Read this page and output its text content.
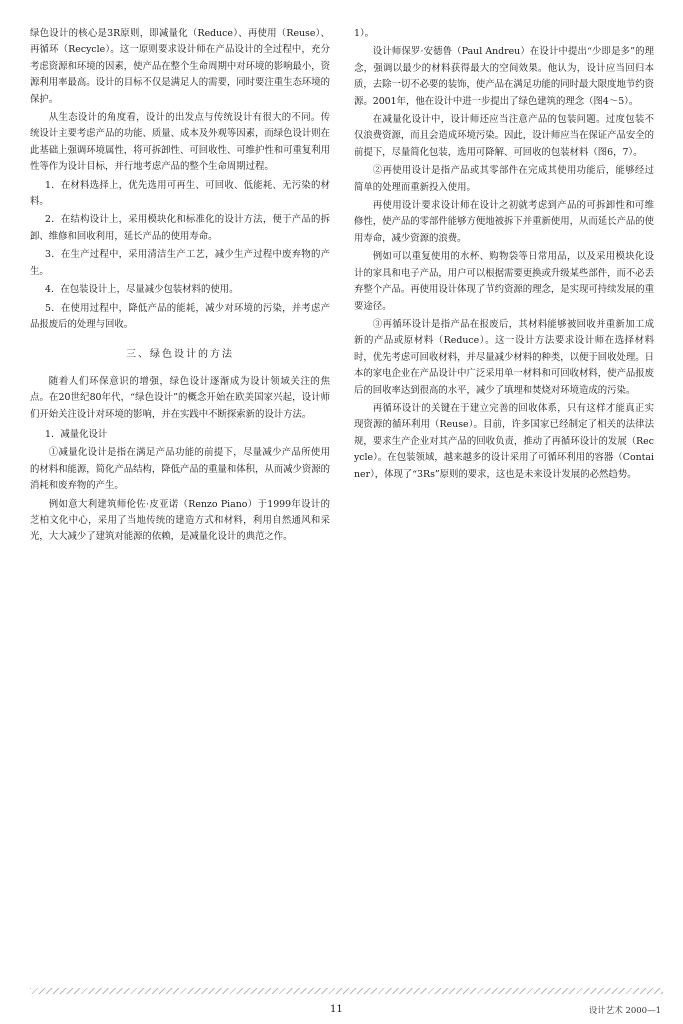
绿色设计的核心是3R原则，即减量化（Reduce）、再使用（Reuse）、再循环（Recycle）。这一原则要求设计师在产品设计的全过程中，充分考虑资源和环境的因素，使产品在整个生命周期中对环境的影响最小，资源利用率最高。设计的目标不仅是满足人的需要，同时要注重生态环境的保护。

从生态设计的角度看，设计的出发点与传统设计有很大的不同。传统设计主要考虑产品的功能、质量、成本及外观等因素，而绿色设计则在此基础上强调环境属性，将可拆卸性、可回收性、可维护性和可重复利用性等作为设计目标，并行地考虑产品的整个生命周期过程。

1．在材料选择上，优先选用可再生、可回收、低能耗、无污染的材料。

2．在结构设计上，采用模块化和标准化的设计方法，便于产品的拆卸、维修和回收利用，延长产品的使用寿命。

3．在生产过程中，采用清洁生产工艺，减少生产过程中废弃物的产生。

4．在包装设计上，尽量减少包装材料的使用。

5．在使用过程中，降低产品的能耗，减少对环境的污染，并考虑产品报废后的处理与回收。

三、绿色设计的方法

随着人们环保意识的增强，绿色设计逐渐成为设计领域关注的焦点。在20世纪80年代，“绿色设计”的概念开始在欧美国家兴起，设计师们开始关注设计对环境的影响，并在实践中不断探索新的设计方法。

1．减量化设计

①减量化设计是指在满足产品功能的前提下，尽量减少产品所使用的材料和能源，简化产品结构，降低产品的重量和体积，从而减少资源的消耗和废弃物的产生。

例如意大利建筑师伦佐·皮亚诺（Renzo Piano）于1999年设计的芝柏文化中心，采用了当地传统的建造方式和材料，利用自然通风和采光，大大减少了建筑对能源的依赖，是减量化设计的典范之作。

1）。

设计师保罗·安德鲁（Paul Andreu）在设计中提出“少即是多”的理念，强调以最少的材料获得最大的空间效果。他认为，设计应当回归本质，去除一切不必要的装饰，使产品在满足功能的同时最大限度地节约资源。2001年，他在设计中进一步提出了绿色建筑的理念（图4～5）。

在减量化设计中，设计师还应当注意产品的包装问题。过度包装不仅浪费资源，而且会造成环境污染。因此，设计师应当在保证产品安全的前提下，尽量简化包装，选用可降解、可回收的包装材料（图6，7）。

②再使用设计是指产品或其零部件在完成其使用功能后，能够经过简单的处理而重新投入使用。

再使用设计要求设计师在设计之初就考虑到产品的可拆卸性和可维修性，使产品的零部件能够方便地被拆下并重新使用，从而延长产品的使用寿命，减少资源的浪费。

例如可以重复使用的水杯、购物袋等日常用品，以及采用模块化设计的家具和电子产品，用户可以根据需要更换或升级某些部件，而不必丢弃整个产品。再使用设计体现了节约资源的理念，是实现可持续发展的重要途径。

③再循环设计是指产品在报废后，其材料能够被回收并重新加工成新的产品或原材料（Reduce）。这一设计方法要求设计师在选择材料时，优先考虑可回收材料，并尽量减少材料的种类，以便于回收处理。日本的家电企业在产品设计中广泛采用单一材料和可回收材料，使产品报废后的回收率达到很高的水平，减少了填埋和焚烧对环境造成的污染。

再循环设计的关键在于建立完善的回收体系，只有这样才能真正实现资源的循环利用（Reuse）。目前，许多国家已经制定了相关的法律法规，要求生产企业对其产品的回收负责，推动了再循环设计的发展（Recycle）。在包装领域，越来越多的设计采用了可循环利用的容器（Container），体现了“3Rs”原则的要求，这也是未来设计发展的必然趋势。

11	设计艺术 2000—1
